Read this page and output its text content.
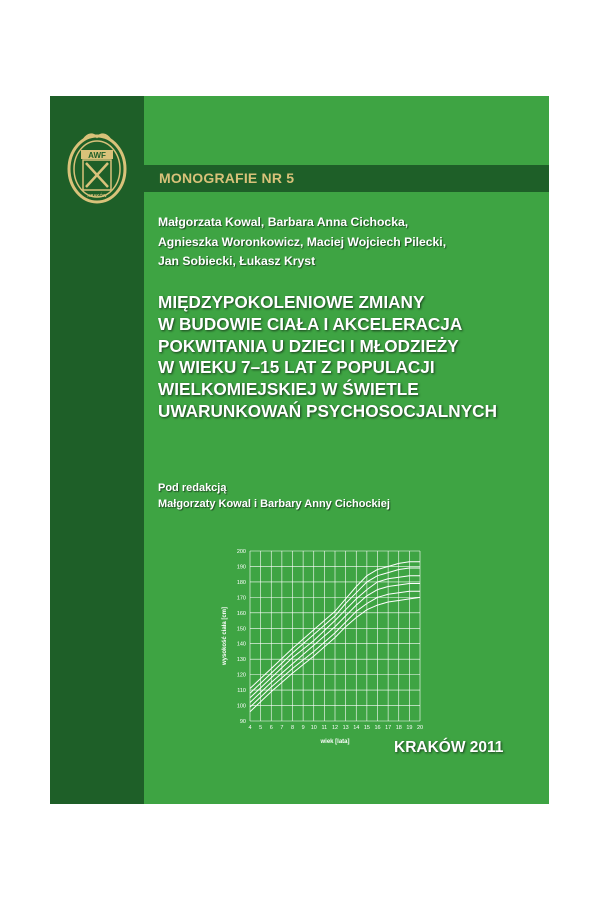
AWF
KRAKÓW
MONOGRAFIE NR 5
Małgorzata Kowal, Barbara Anna Cichocka,
Agnieszka Woronkowicz, Maciej Wojciech Pilecki,
Jan Sobiecki, Łukasz Kryst
MIĘDZYPOKOLENIOWE ZMIANY
W BUDOWIE CIAŁA I AKCELERACJA
POKWITANIA U DZIECI I MŁODZIEŻY
W WIEKU 7–15 LAT Z POPULACJI
WIELKOMIEJSKIEJ W ŚWIETLE
UWARUNKOWAŃ PSYCHOSOCJALNYCH
Pod redakcją
Małgorzaty Kowal i Barbary Anny Cichockiej
4 5 6 7 8 9 10 11 12 13 14 15 16 17 18 19 20
90
100
110
120
130
140
150
160
170
180
190
200
wiek [lata]
wysokość ciała [cm]
KRAKÓW 2011
